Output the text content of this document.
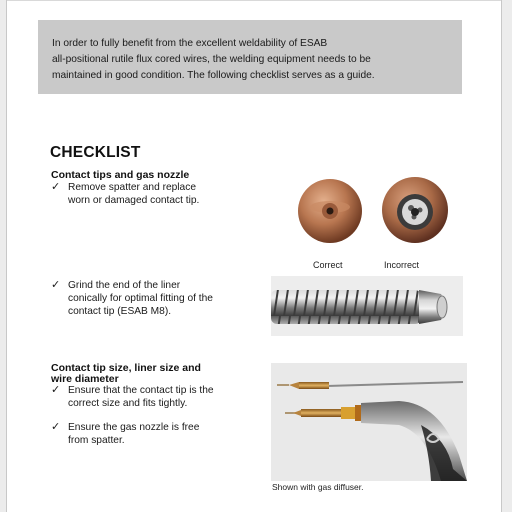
In order to fully benefit from the excellent weldability of ESAB
all-positional rutile flux cored wires, the welding equipment needs to be
maintained in good condition. The following checklist serves as a guide.
CHECKLIST
Contact tips and gas nozzle
✓ Remove spatter and replace
worn or damaged contact tip.
✓ Grind the end of the liner
conically for optimal fitting of the
contact tip (ESAB M8).
Contact tip size, liner size and
wire diameter
✓ Ensure that the contact tip is the
correct size and fits tightly.
✓ Ensure the gas nozzle is free
from spatter.
Correct	Incorrect
Shown with gas diffuser.
